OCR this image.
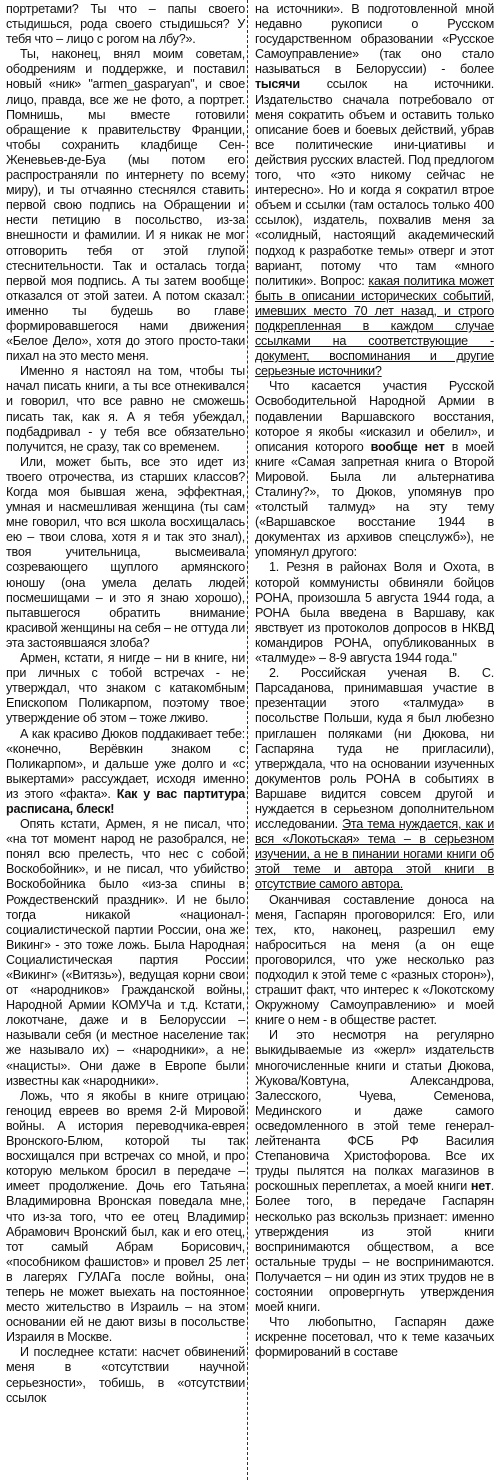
портретами? Ты что – папы своего стыдишься, рода своего стыдишься? У тебя что – лицо с рогом на лбу?».

Ты, наконец, внял моим советам, ободрениям и поддержке, и поставил новый «ник» "armen_gasparyan", и свое лицо, правда, все же не фото, а портрет. Помнишь, мы вместе готовили обращение к правительству Франции, чтобы сохранить кладбище Сен-Женевьев-де-Буа (мы потом его распространяли по интернету по всему миру), и ты отчаянно стеснялся ставить первой свою подпись на Обращении и нести петицию в посольство, из-за внешности и фамилии. И я никак не мог отговорить тебя от этой глупой стеснительности. Так и осталась тогда первой моя подпись. А ты затем вообще отказался от этой затеи. А потом сказал: именно ты будешь во главе формировавшегося нами движения «Белое Дело», хотя до этого просто-таки пихал на это место меня.

Именно я настоял на том, чтобы ты начал писать книги, а ты все отнекивался и говорил, что все равно не сможешь писать так, как я. А я тебя убеждал, подбадривал - у тебя все обязательно получится, не сразу, так со временем.

Или, может быть, все это идет из твоего отрочества, из старших классов? Когда моя бывшая жена, эффектная, умная и насмешливая женщина (ты сам мне говорил, что вся школа восхищалась ею – твои слова, хотя я и так это знал), твоя учительница, высмеивала созревающего щуплого армянского юношу (она умела делать людей посмешищами – и это я знаю хорошо), пытавшегося обратить внимание красивой женщины на себя – не оттуда ли эта застоявшаяся злоба?

Армен, кстати, я нигде – ни в книге, ни при личных с тобой встречах - не утверждал, что знаком с катакомбным Епископом Поликарпом, поэтому твое утверждение об этом – тоже лживо.

А как красиво Дюков поддакивает тебе: «конечно, Верёвкин знаком с Поликарпом», и дальше уже долго и «с выкертами» рассуждает, исходя именно из этого «факта». Как у вас партитура расписана, блеск!

Опять кстати, Армен, я не писал, что «на тот момент народ не разобрался, не понял всю прелесть, что нес с собой Воскобойник», и не писал, что убийство Воскобойника было «из-за спины в Рождественский праздник». И не было тогда никакой «национал-социалистической партии России, она же Викинг» - это тоже ложь. Была Народная Социалистическая партия России «Викинг» («Витязь»), ведущая корни свои от «народников» Гражданской войны, Народной Армии КОМУЧа и т.д. Кстати, локотчане, даже и в Белоруссии – называли себя (и местное население так же называло их) – «народники», а не «нацисты». Они даже в Европе были известны как «народники».

Ложь, что я якобы в книге отрицаю геноцид евреев во время 2-й Мировой войны. А история переводчика-еврея Вронского-Блюм, которой ты так восхищался при встречах со мной, и про которую мельком бросил в передаче – имеет продолжение. Дочь его Татьяна Владимировна Вронская поведала мне, что из-за того, что ее отец Владимир Абрамович Вронский был, как и его отец, тот самый Абрам Борисович, «пособником фашистов» и провел 25 лет в лагерях ГУЛАГа после войны, она теперь не может выехать на постоянное место жительство в Израиль – на этом основании ей не дают визы в посольстве Израиля в Москве.

И последнее кстати: насчет обвинений меня в «отсутствии научной серьезности», тобишь, в «отсутствии ссылок

на источники». В подготовленной мной недавно рукописи о Русском государственном образовании «Русское Самоуправление» (так оно стало называться в Белоруссии) - более тысячи ссылок на источники. Издательство сначала потребовало от меня сократить объем и оставить только описание боев и боевых действий, убрав все политические ини-циативы и действия русских властей. Под предлогом того, что «это никому сейчас не интересно». Но и когда я сократил втрое объем и ссылки (там осталось только 400 ссылок), издатель, похвалив меня за «солидный, настоящий академический подход к разработке темы» отверг и этот вариант, потому что там «много политики». Вопрос: какая политика может быть в описании исторических событий, имевших место 70 лет назад, и строго подкрепленная в каждом случае ссылками на соответствующие - документ, воспоминания и другие серьезные источники?

Что касается участия Русской Освободительной Народной Армии в подавлении Варшавского восстания, которое я якобы «исказил и обелил», и описания которого вообще нет в моей книге «Самая запретная книга о Второй Мировой. Была ли альтернатива Сталину?», то Дюков, упомянув про «толстый талмуд» на эту тему («Варшавское восстание 1944 в документах из архивов спецслужб»), не упомянул другого:

1. Резня в районах Воля и Охота, в которой коммунисты обвиняли бойцов РОНА, произошла 5 августа 1944 года, а РОНА была введена в Варшаву, как явствует из протоколов допросов в НКВД командиров РОНА, опубликованных в «талмуде» – 8-9 августа 1944 года."

2. Российская ученая В. С. Парсаданова, принимавшая участие в презентации этого «талмуда» в посольстве Польши, куда я был любезно приглашен поляками (ни Дюкова, ни Гаспаряна туда не пригласили), утверждала, что на основании изученных документов роль РОНА в событиях в Варшаве видится совсем другой и нуждается в серьезном дополнительном исследовании. Эта тема нуждается, как и вся «Локотьская» тема – в серьезном изучении, а не в пинании ногами книги об этой теме и автора этой книги в отсутствие самого автора.

Оканчивая составление доноса на меня, Гаспарян проговорился: Его, или тех, кто, наконец, разрешил ему наброситься на меня (а он еще проговорился, что уже несколько раз подходил к этой теме с «разных сторон»), страшит факт, что интерес к «Локотскому Окружному Самоуправлению» и моей книге о нем - в обществе растет.

И это несмотря на регулярно выкидываемые из «жерл» издательств многочисленные книги и статьи Дюкова, Жукова/Ковтуна, Александрова, Залесского, Чуева, Семенова, Мединского и даже самого осведомленного в этой теме генерал-лейтенанта ФСБ РФ Василия Степановича Христофорова. Все их труды пылятся на полках магазинов в роскошных переплетах, а моей книги нет. Более того, в передаче Гаспарян несколько раз вскользь признает: именно утверждения из этой книги воспринимаются обществом, а все остальные труды – не воспринимаются. Получается – ни один из этих трудов не в состоянии опровергнуть утверждения моей книги.

Что любопытно, Гаспарян даже искренне посетовал, что к теме казачьих формирований в составе
